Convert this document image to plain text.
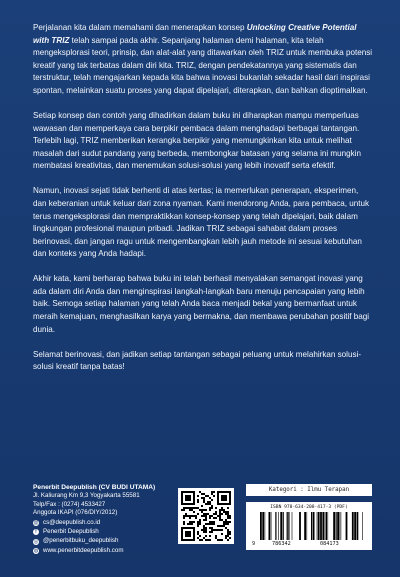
Perjalanan kita dalam memahami dan menerapkan konsep Unlocking Creative Potential with TRIZ telah sampai pada akhir. Sepanjang halaman demi halaman, kita telah mengeksplorasi teori, prinsip, dan alat-alat yang ditawarkan oleh TRIZ untuk membuka potensi kreatif yang tak terbatas dalam diri kita. TRIZ, dengan pendekatannya yang sistematis dan terstruktur, telah mengajarkan kepada kita bahwa inovasi bukanlah sekadar hasil dari inspirasi spontan, melainkan suatu proses yang dapat dipelajari, diterapkan, dan bahkan dioptimalkan.

Setiap konsep dan contoh yang dihadirkan dalam buku ini diharapkan mampu memperluas wawasan dan memperkaya cara berpikir pembaca dalam menghadapi berbagai tantangan. Terlebih lagi, TRIZ memberikan kerangka berpikir yang memungkinkan kita untuk melihat masalah dari sudut pandang yang berbeda, membongkar batasan yang selama ini mungkin membatasi kreativitas, dan menemukan solusi-solusi yang lebih inovatif serta efektif.

Namun, inovasi sejati tidak berhenti di atas kertas; ia memerlukan penerapan, eksperimen, dan keberanian untuk keluar dari zona nyaman. Kami mendorong Anda, para pembaca, untuk terus mengeksplorasi dan mempraktikkan konsep-konsep yang telah dipelajari, baik dalam lingkungan profesional maupun pribadi. Jadikan TRIZ sebagai sahabat dalam proses berinovasi, dan jangan ragu untuk mengembangkan lebih jauh metode ini sesuai kebutuhan dan konteks yang Anda hadapi.

Akhir kata, kami berharap bahwa buku ini telah berhasil menyalakan semangat inovasi yang ada dalam diri Anda dan menginspirasi langkah-langkah baru menuju pencapaian yang lebih baik. Semoga setiap halaman yang telah Anda baca menjadi bekal yang bermanfaat untuk meraih kemajuan, menghasilkan karya yang bermakna, dan membawa perubahan positif bagi dunia.

Selamat berinovasi, dan jadikan setiap tantangan sebagai peluang untuk melahirkan solusi-solusi kreatif tanpa batas!

Penerbit Deepublish (CV BUDI UTAMA)
Jl. Kaliurang Km 9,3 Yogyakarta 55581
Telp/Fax : (0274) 4533427
Anggota IKAPI (076/DIY/2012)
@ cs@deepublish.co.id
f	Penerbit Deepublish
◎ @penerbitbuku_deepublish
◍ www.penerbitdeepublish.com
Kategori : Ilmu Terapan
ISBN 978-634-208-417-3 (PDF)
9	786342	084173
